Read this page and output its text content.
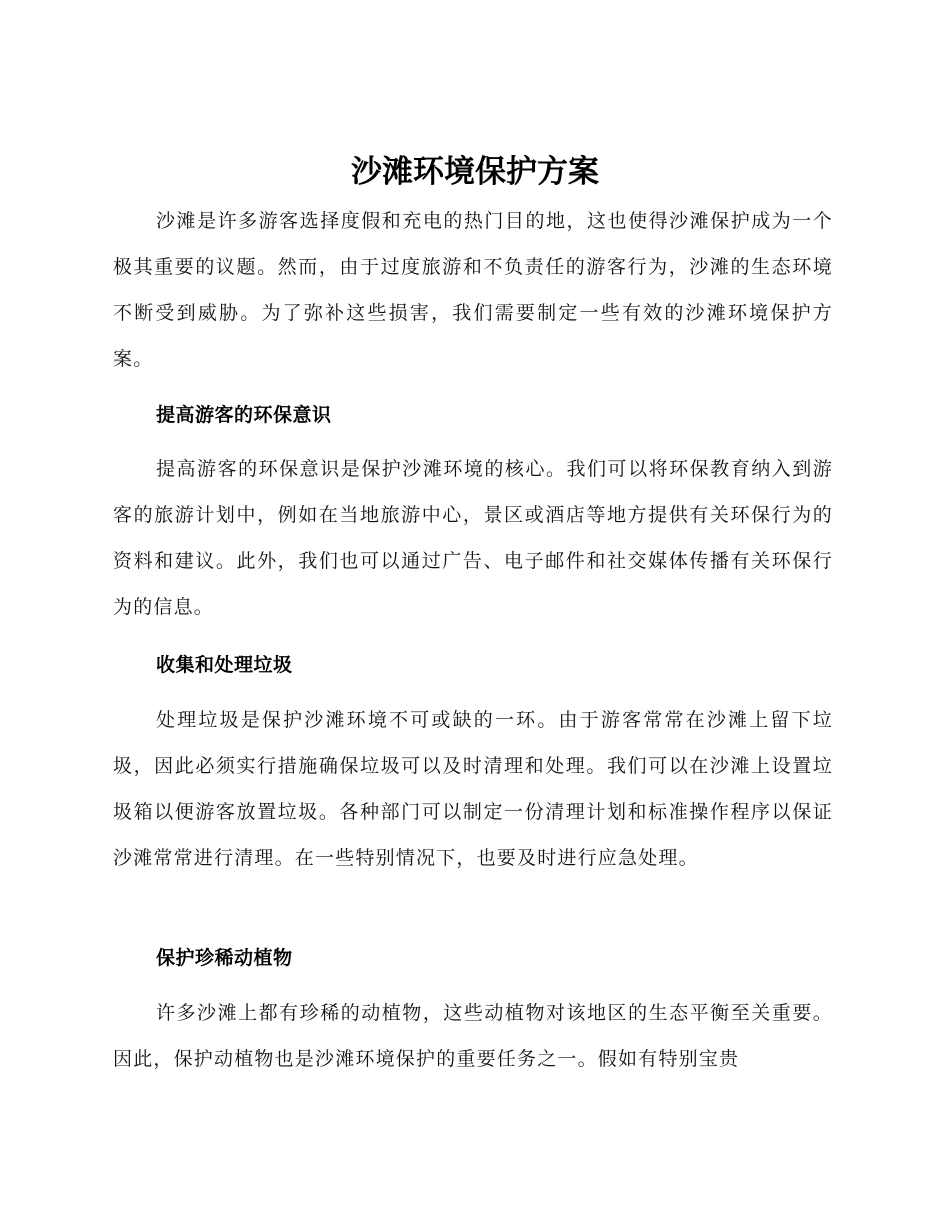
沙滩环境保护方案

沙滩是许多游客选择度假和充电的热门目的地，这也使得沙滩保护成为一个极其重要的议题。然而，由于过度旅游和不负责任的游客行为，沙滩的生态环境不断受到威胁。为了弥补这些损害，我们需要制定一些有效的沙滩环境保护方案。

提高游客的环保意识

提高游客的环保意识是保护沙滩环境的核心。我们可以将环保教育纳入到游客的旅游计划中，例如在当地旅游中心，景区或酒店等地方提供有关环保行为的资料和建议。此外，我们也可以通过广告、电子邮件和社交媒体传播有关环保行为的信息。

收集和处理垃圾

处理垃圾是保护沙滩环境不可或缺的一环。由于游客常常在沙滩上留下垃圾，因此必须实行措施确保垃圾可以及时清理和处理。我们可以在沙滩上设置垃圾箱以便游客放置垃圾。各种部门可以制定一份清理计划和标准操作程序以保证沙滩常常进行清理。在一些特别情况下，也要及时进行应急处理。

保护珍稀动植物

许多沙滩上都有珍稀的动植物，这些动植物对该地区的生态平衡至关重要。因此，保护动植物也是沙滩环境保护的重要任务之一。假如有特别宝贵
